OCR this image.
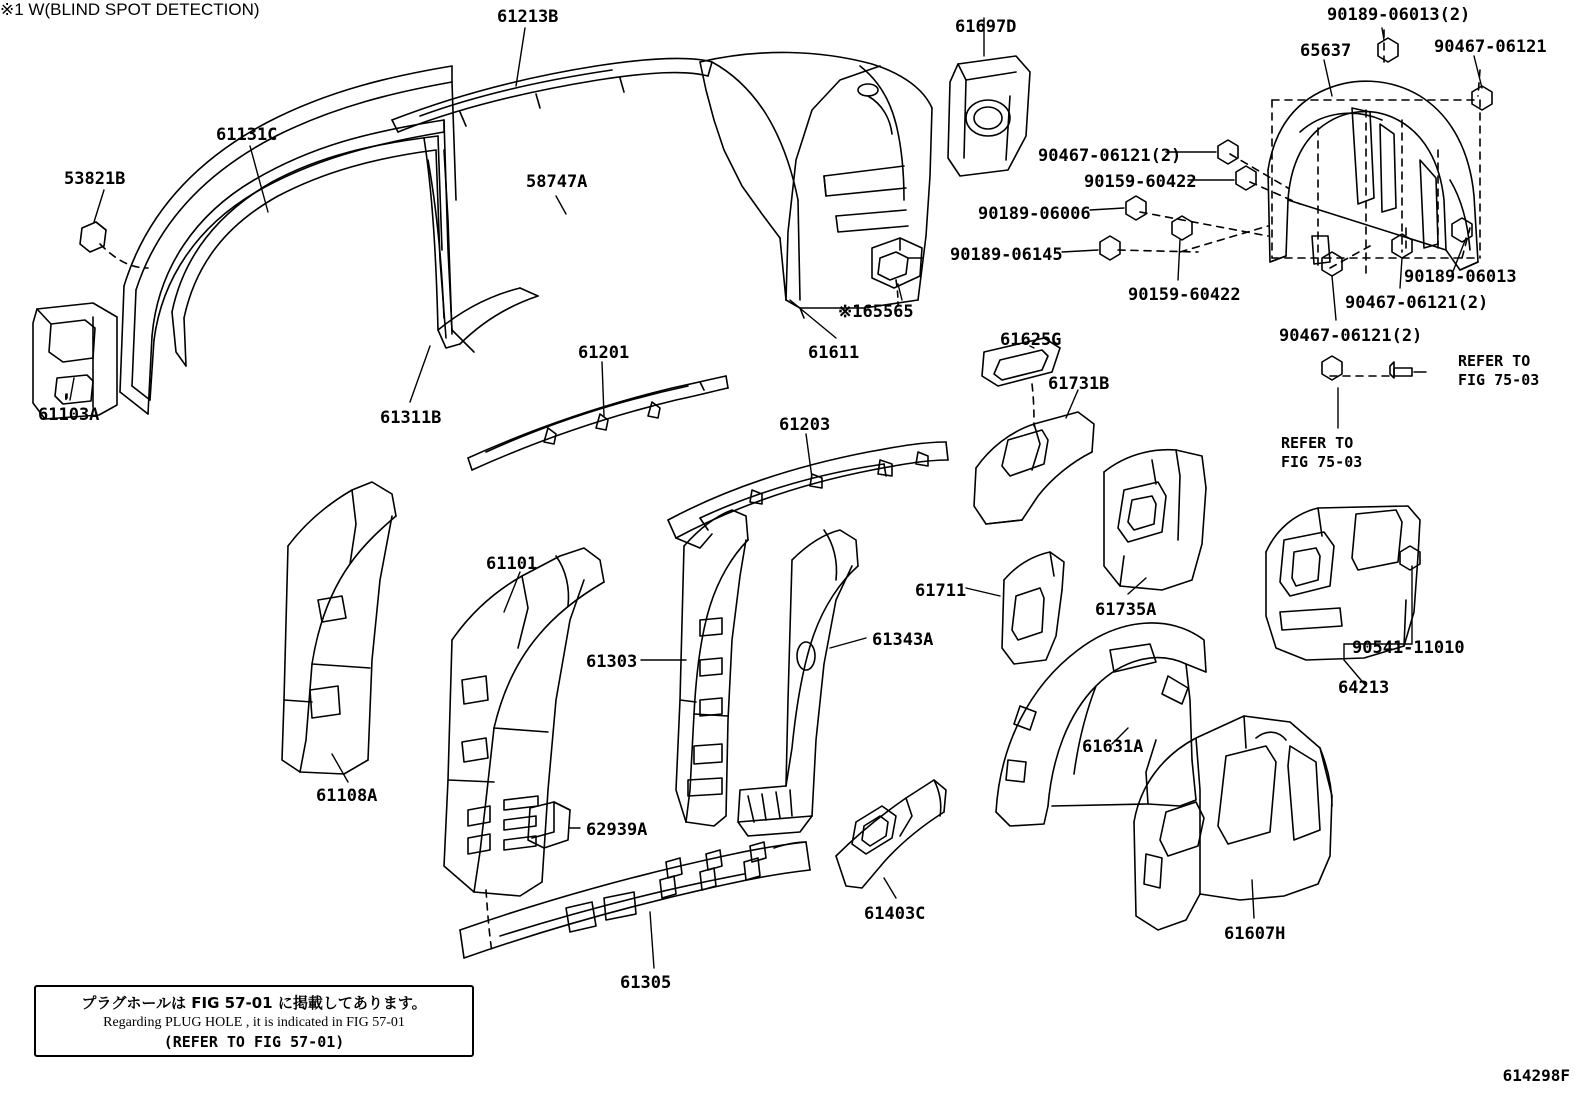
※1 W(BLIND SPOT DETECTION)	61213B	61697D
90189-06013(2)
90467-06121
65637
61131C
53821B	58747A
90467-06121(2)
90159-60422
90189-06006
90189-06145
90159-60422
90189-06013
90467-06121(2)
90467-06121(2)
※165565
61611
61103A	61311B
61201
61203
61625G
61731B
61101
61303
61343A
61711
61735A
90541-11010
64213
61108A
62939A
61631A
61403C
61607H
61305
REFER TO
FIG 75-03
REFER TO
FIG 75-03
プラグホールは FIG 57-01 に掲載してあります。
Regarding PLUG HOLE , it is indicated in FIG 57-01
(REFER TO FIG 57-01)
614298F
